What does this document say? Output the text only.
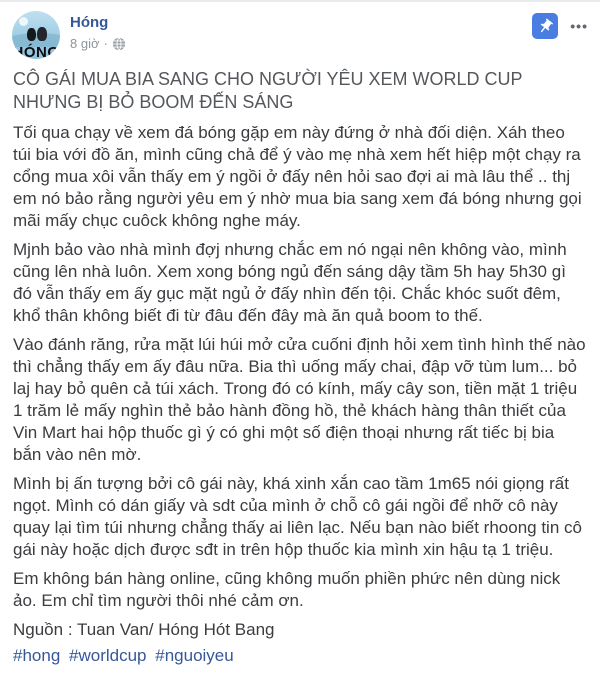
HÓNG
Hóng
8 giờ ·
•••

CÔ GÁI MUA BIA SANG CHO NGƯỜI YÊU XEM WORLD CUP NHƯNG BỊ BỎ BOOM ĐẾN SÁNG

Tối qua chạy về xem đá bóng gặp em này đứng ở nhà đối diện. Xáh theo túi bia với đồ ăn, mình cũng chả để ý vào mẹ nhà xem hết hiệp một chạy ra cổng mua xôi vẫn thấy em ý ngồi ở đấy nên hỏi sao đợi ai mà lâu thể .. thj em nó bảo rằng người yêu em ý nhờ mua bia sang xem đá bóng nhưng gọi mãi mấy chục cuôck không nghe máy.

Mjnh bảo vào nhà mình đợj nhưng chắc em nó ngại nên không vào, mình cũng lên nhà luôn. Xem xong bóng ngủ đến sáng dậy tầm 5h hay 5h30 gì đó vẫn thấy em ấy gục mặt ngủ ở đấy nhìn đến tội. Chắc khóc suốt đêm, khổ thân không biết đi từ đâu đến đây mà ăn quả boom to thế.

Vào đánh răng, rửa mặt lúi húi mở cửa cuốni định hỏi xem tình hình thế nào thì chẳng thấy em ấy đâu nữa. Bia thì uống mấy chai, đập vỡ tùm lum... bỏ laj hay bỏ quên cả túi xách. Trong đó có kính, mấy cây son, tiền mặt 1 triệu 1 trăm lẻ mấy nghìn thẻ bảo hành đồng hồ, thẻ khách hàng thân thiết của Vin Mart hai hộp thuốc gì ý có ghi một số điện thoại nhưng rất tiếc bị bia bắn vào nên mờ.

Mình bị ấn tượng bởi cô gái này, khá xinh xắn cao tầm 1m65 nói giọng rất ngọt. Mình có dán giấy và sdt của mình ở chỗ cô gái ngồi để nhỡ cô này quay lại tìm túi nhưng chẳng thấy ai liên lạc. Nếu bạn nào biết rhoong tin cô gái này hoặc dịch được sđt in trên hộp thuốc kia mình xin hậu tạ 1 triệu.

Em không bán hàng online, cũng không muốn phiền phức nên dùng nick ảo. Em chỉ tìm người thôi nhé cảm ơn.

Nguồn : Tuan Van/ Hóng Hót Bang

#hong #worldcup #nguoiyeu
